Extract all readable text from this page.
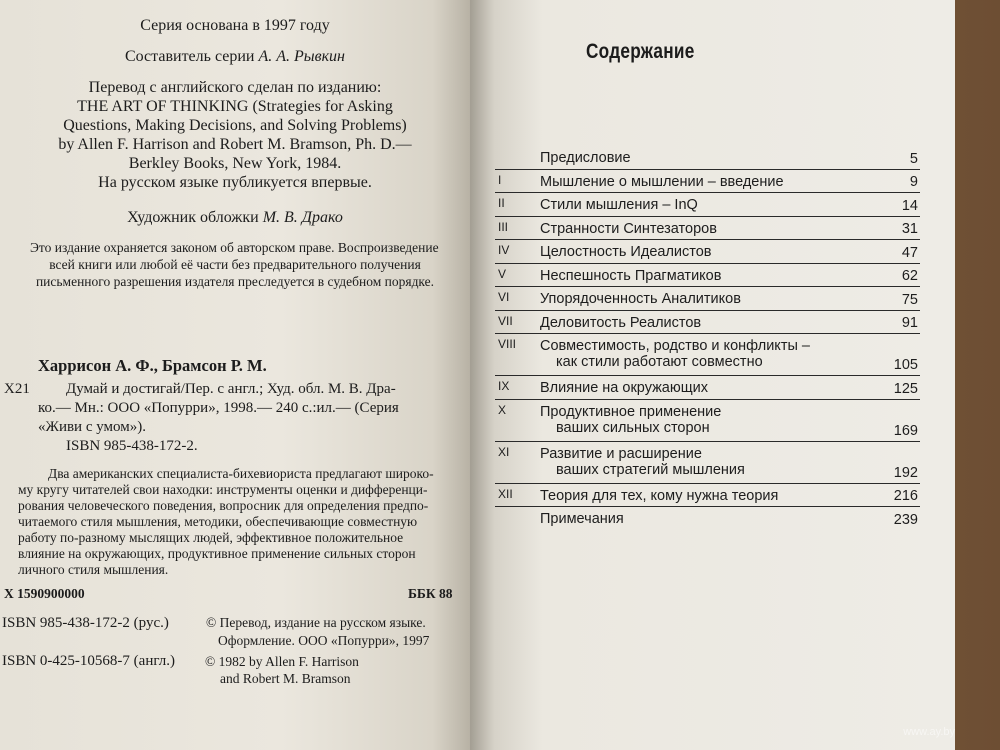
Серия основана в 1997 году
Составитель серии А. А. Рывкин
Перевод с английского сделан по изданию:
THE ART OF THINKING (Strategies for Asking
Questions, Making Decisions, and Solving Problems)
by Allen F. Harrison and Robert M. Bramson, Ph. D.—
Berkley Books, New York, 1984.
На русском языке публикуется впервые.
Художник обложки М. В. Драко
Это издание охраняется законом об авторском праве. Воспроизведение
всей книги или любой её части без предварительного получения
письменного разрешения издателя преследуется в судебном порядке.
Харрисон А. Ф., Брамсон Р. М.
Х21 Думай и достигай/Пер. с англ.; Худ. обл. М. В. Дра-
ко.— Мн.: ООО «Попурри», 1998.— 240 с.:ил.— (Серия
«Живи с умом»).
ISBN 985-438-172-2.
Два американских специалиста-бихевиориста предлагают широко-
му кругу читателей свои находки: инструменты оценки и дифференци-
рования человеческого поведения, вопросник для определения предпо-
читаемого стиля мышления, методики, обеспечивающие совместную
работу по-разному мыслящих людей, эффективное положительное
влияние на окружающих, продуктивное применение сильных сторон
личного стиля мышления.
Х 1590900000	ББК 88
ISBN 985-438-172-2 (рус.)	© Перевод, издание на русском языке.
Оформление. ООО «Попурри», 1997
ISBN 0-425-10568-7 (англ.) © 1982 by Allen F. Harrison
and Robert M. Bramson
Содержание
Предисловие	5
I	Мышление о мышлении – введение	9
II Стили мышления – InQ	14
III Странности Синтезаторов	31
IV Целостность Идеалистов	47
V Неспешность Прагматиков	62
VI Упорядоченность Аналитиков	75
VII Деловитость Реалистов	91
VIII Совместимость, родство и конфликты –
как стили работают совместно	105
IX Влияние на окружающих	125
X Продуктивное применение
ваших сильных сторон	169
XI Развитие и расширение
ваших стратегий мышления	192
XII Теория для тех, кому нужна теория	216
Примечания	239
www.ay.by
